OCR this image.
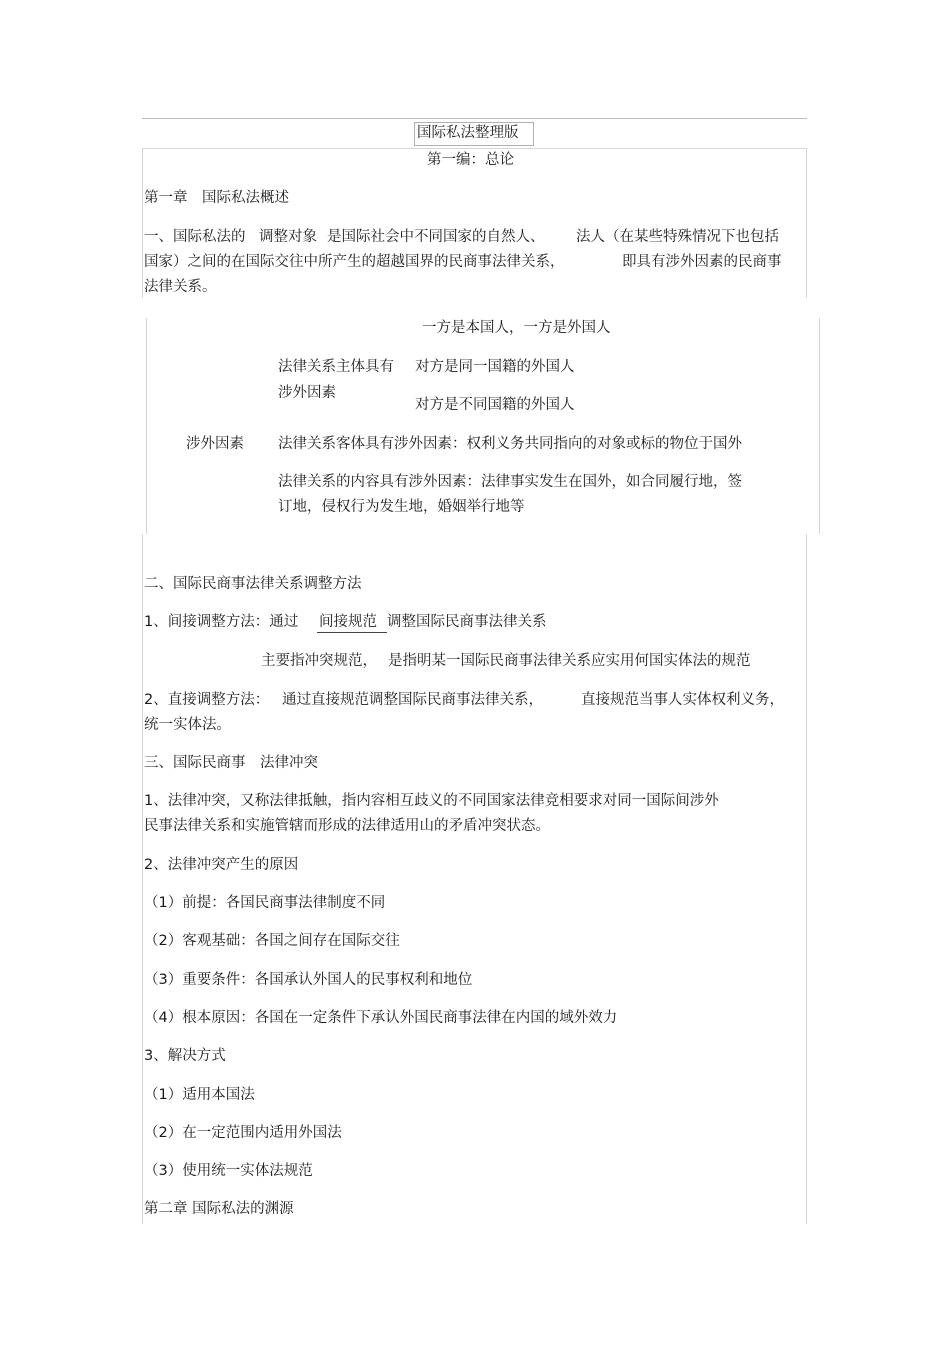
国际私法整理版
第一编：总论
第一章　国际私法概述
一、国际私法的 调整对象 是国际社会中不同国家的自然人、 法人（在某些特殊情况下也包括
国家）之间的在国际交往中所产生的超越国界的民商事法律关系，	即具有涉外因素的民商事
法律关系。
一方是本国人，一方是外国人
法律关系主体具有 对方是同一国籍的外国人
涉外因素
对方是不同国籍的外国人
涉外因素 法律关系客体具有涉外因素：权利义务共同指向的对象或标的物位于国外
法律关系的内容具有涉外因素：法律事实发生在国外，如合同履行地，签
订地，侵权行为发生地，婚姻举行地等
二、国际民商事法律关系调整方法
1、间接调整方法：通过 间接规范 调整国际民商事法律关系
主要指冲突规范， 是指明某一国际民商事法律关系应实用何国实体法的规范
2、直接调整方法： 通过直接规范调整国际民商事法律关系，	直接规范当事人实体权利义务，
统一实体法。
三、国际民商事　法律冲突
1、法律冲突，又称法律抵触，指内容相互歧义的不同国家法律竞相要求对同一国际间涉外
民事法律关系和实施管辖而形成的法律适用山的矛盾冲突状态。
2、法律冲突产生的原因
（1）前提：各国民商事法律制度不同
（2）客观基础：各国之间存在国际交往
（3）重要条件：各国承认外国人的民事权利和地位
（4）根本原因：各国在一定条件下承认外国民商事法律在内国的域外效力
3、解决方式
（1）适用本国法
（2）在一定范围内适用外国法
（3）使用统一实体法规范
第二章 国际私法的渊源
